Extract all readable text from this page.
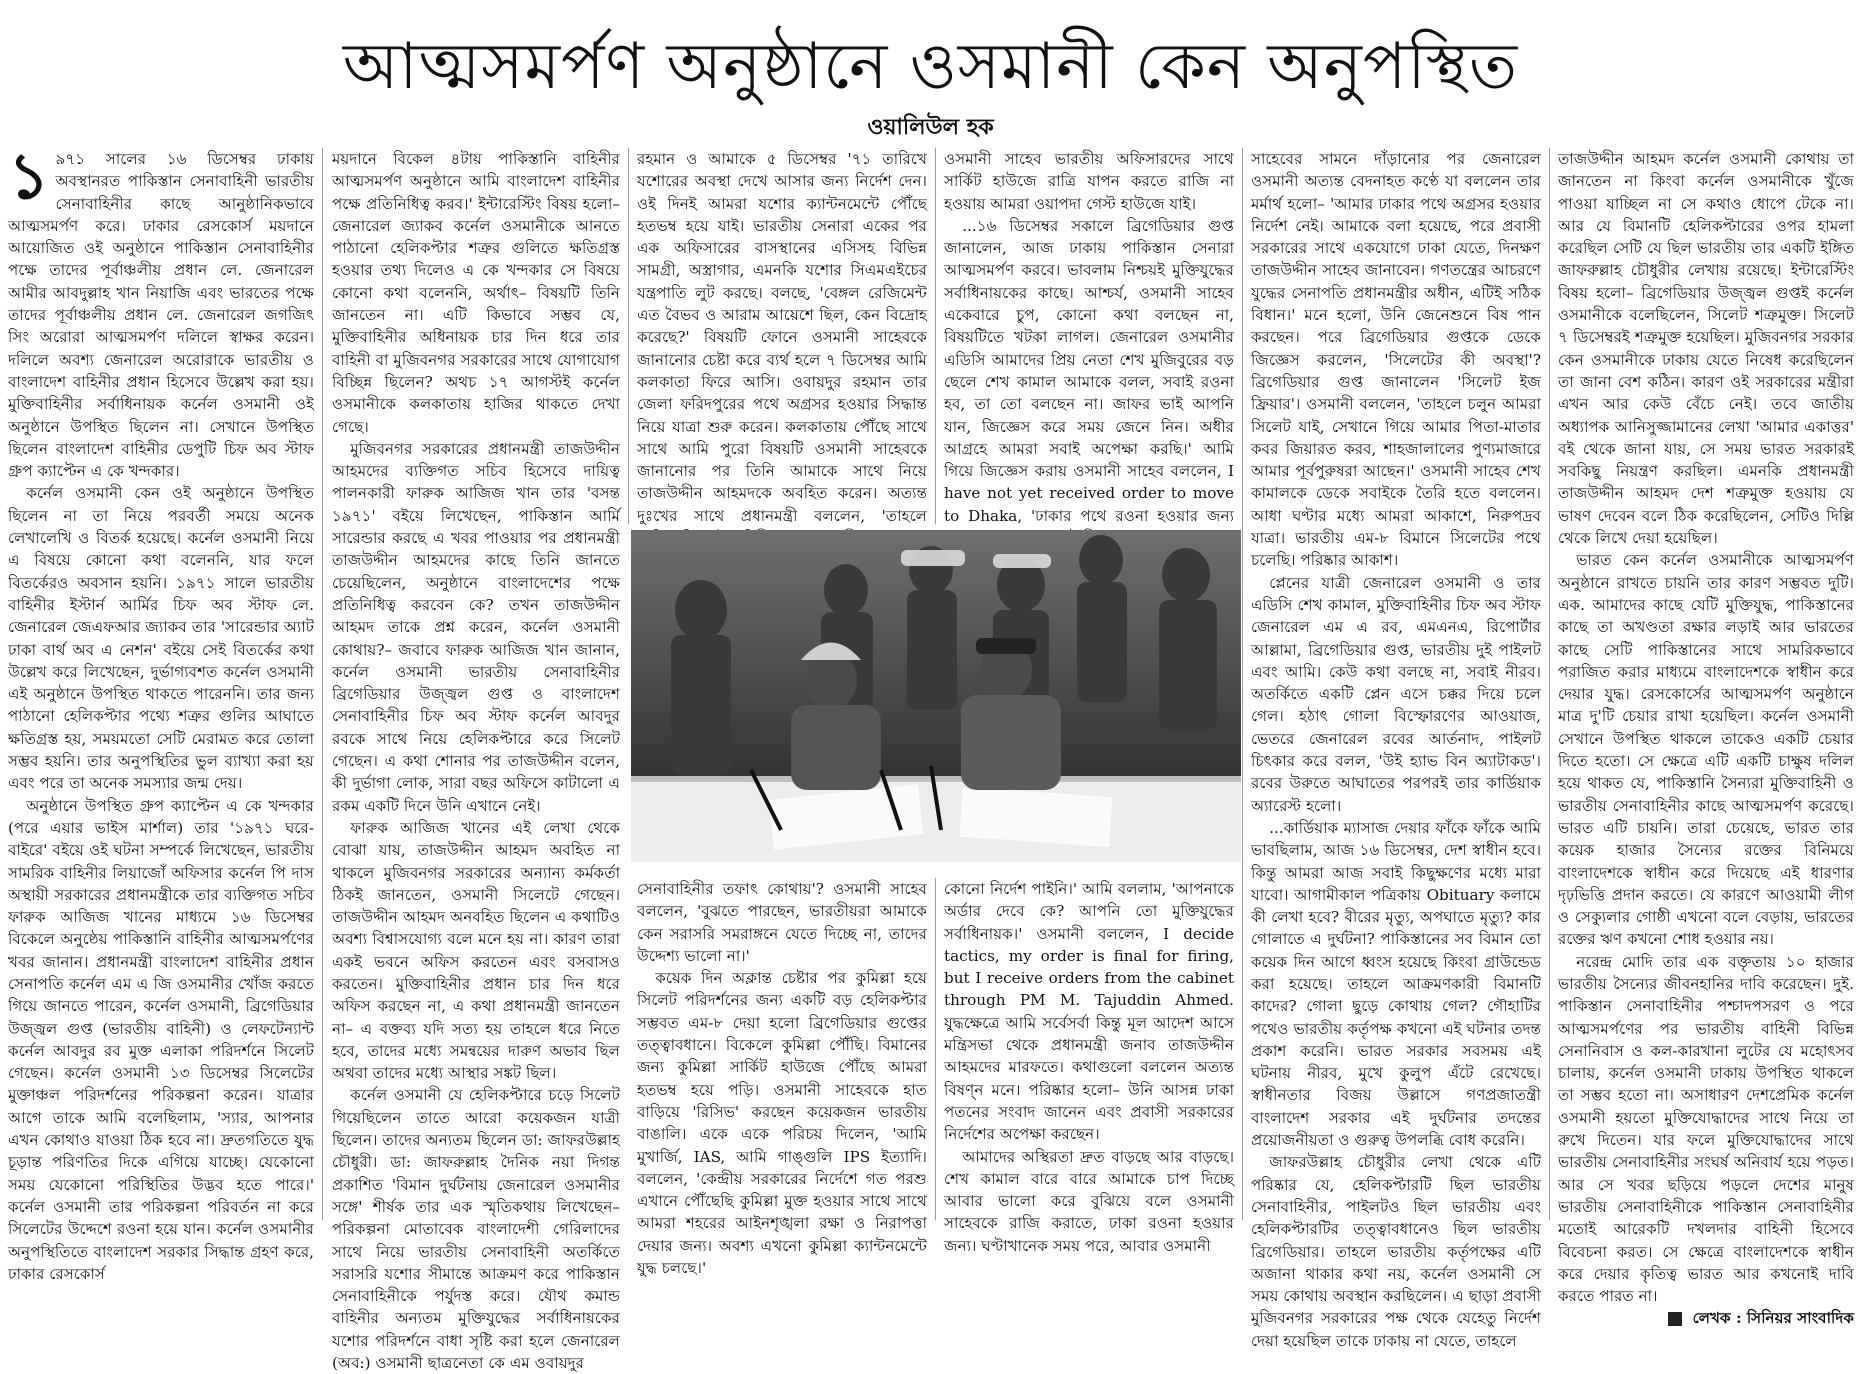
আত্মসমর্পণ অনুষ্ঠানে ওসমানী কেন অনুপস্থিত
ওয়ালিউল হক

১ ৯৭১ সালের ১৬ ডিসেম্বর ঢাকায় অবস্থানরত পাকিস্তান সেনাবাহিনী ভারতীয় সেনাবাহিনীর কাছে আনুষ্ঠানিকভাবে আত্মসমর্পণ করে। ঢাকার রেসকোর্স ময়দানে আয়োজিত ওই অনুষ্ঠানে পাকিস্তান সেনাবাহিনীর পক্ষে তাদের পূর্বাঞ্চলীয় প্রধান লে. জেনারেল আমীর আবদুল্লাহ খান নিয়াজি এবং ভারতের পক্ষে তাদের পূর্বাঞ্চলীয় প্রধান লে. জেনারেল জগজিৎ সিং অরোরা আত্মসমর্পণ দলিলে স্বাক্ষর করেন। দলিলে অবশ্য জেনারেল অরোরাকে ভারতীয় ও বাংলাদেশ বাহিনীর প্রধান হিসেবে উল্লেখ করা হয়। মুক্তিবাহিনীর সর্বাধিনায়ক কর্নেল ওসমানী ওই অনুষ্ঠানে উপস্থিত ছিলেন না। সেখানে উপস্থিত ছিলেন বাংলাদেশ বাহিনীর ডেপুটি চিফ অব স্টাফ গ্রুপ ক্যাপ্টেন এ কে খন্দকার।

কর্নেল ওসমানী কেন ওই অনুষ্ঠানে উপস্থিত ছিলেন না তা নিয়ে পরবর্তী সময়ে অনেক লেখালেখি ও বিতর্ক হয়েছে। কর্নেল ওসমানী নিয়ে এ বিষয়ে কোনো কথা বলেননি, যার ফলে বিতর্কেরও অবসান হয়নি। ১৯৭১ সালে ভারতীয় বাহিনীর ইস্টার্ন আর্মির চিফ অব স্টাফ লে. জেনারেল জেএফআর জ্যাকব তার 'সারেন্ডার অ্যাট ঢাকা বার্থ অব এ নেশন' বইয়ে সেই বিতর্কের কথা উল্লেখ করে লিখেছেন, দুর্ভাগ্যবশত কর্নেল ওসমানী এই অনুষ্ঠানে উপস্থিত থাকতে পারেননি। তার জন্য পাঠানো হেলিকপ্টার পথ্যে শত্রুর গুলির আঘাতে ক্ষতিগ্রস্ত হয়, সময়মতো সেটি মেরামত করে তোলা সম্ভব হয়নি। তার অনুপস্থিতির ভুল ব্যাখ্যা করা হয় এবং পরে তা অনেক সমস্যার জন্ম দেয়।

অনুষ্ঠানে উপস্থিত গ্রুপ ক্যাপ্টেন এ কে খন্দকার (পরে এয়ার ভাইস মার্শাল) তার '১৯৭১ ঘরে-বাইরে' বইয়ে ওই ঘটনা সম্পর্কে লিখেছেন, ভারতীয় সামরিক বাহিনীর লিয়াজোঁ অফিসার কর্নেল পি দাস অস্থায়ী সরকারের প্রধানমন্ত্রীকে তার ব্যক্তিগত সচিব ফারুক আজিজ খানের মাধ্যমে ১৬ ডিসেম্বর বিকেলে অনুষ্ঠেয় পাকিস্তানি বাহিনীর আত্মসমর্পণের খবর জানান। প্রধানমন্ত্রী বাংলাদেশ বাহিনীর প্রধান সেনাপতি কর্নেল এম এ জি ওসমানীর খোঁজ করতে গিয়ে জানতে পারেন, কর্নেল ওসমানী, ব্রিগেডিয়ার উজ্জ্বল গুপ্ত (ভারতীয় বাহিনী) ও লেফটেন্যান্ট কর্নেল আবদুর রব মুক্ত এলাকা পরিদর্শনে সিলেট গেছেন। কর্নেল ওসমানী ১৩ ডিসেম্বর সিলেটের মুক্তাঞ্চল পরিদর্শনের পরিকল্পনা করেন। যাত্রার আগে তাকে আমি বলেছিলাম, 'স্যার, আপনার এখন কোথাও যাওয়া ঠিক হবে না। দ্রুতগতিতে যুদ্ধ চূড়ান্ত পরিণতির দিকে এগিয়ে যাচ্ছে। যেকোনো সময় যেকোনো পরিস্থিতির উদ্ভব হতে পারে।' কর্নেল ওসমানী তার পরিকল্পনা পরিবর্তন না করে সিলেটের উদ্দেশে রওনা হয়ে যান। কর্নেল ওসমানীর অনুপস্থিতিতে বাংলাদেশ সরকার সিদ্ধান্ত গ্রহণ করে, ঢাকার রেসকোর্স

ময়দানে বিকেল ৪টায় পাকিস্তানি বাহিনীর আত্মসমর্পণ অনুষ্ঠানে আমি বাংলাদেশ বাহিনীর পক্ষে প্রতিনিধিত্ব করব।' ইন্টারেস্টিং বিষয় হলো– জেনারেল জ্যাকব কর্নেল ওসমানীকে আনতে পাঠানো হেলিকপ্টার শত্রুর গুলিতে ক্ষতিগ্রস্ত হওয়ার তথ্য দিলেও এ কে খন্দকার সে বিষয়ে কোনো কথা বলেননি, অর্থাৎ– বিষয়টি তিনি জানতেন না। এটি কিভাবে সম্ভব যে, মুক্তিবাহিনীর অধিনায়ক চার দিন ধরে তার বাহিনী বা মুজিবনগর সরকারের সাথে যোগাযোগ বিচ্ছিন্ন ছিলেন? অথচ ১৭ আগস্টই কর্নেল ওসমানীকে কলকাতায় হাজির থাকতে দেখা গেছে।

মুজিবনগর সরকারের প্রধানমন্ত্রী তাজউদ্দীন আহমদের ব্যক্তিগত সচিব হিসেবে দায়িত্ব পালনকারী ফারুক আজিজ খান তার 'বসন্ত ১৯৭১' বইয়ে লিখেছেন, পাকিস্তান আর্মি সারেন্ডার করছে এ খবর পাওয়ার পর প্রধানমন্ত্রী তাজউদ্দীন আহমদের কাছে তিনি জানতে চেয়েছিলেন, অনুষ্ঠানে বাংলাদেশের পক্ষে প্রতিনিধিত্ব করবেন কে? তখন তাজউদ্দীন আহমদ তাকে প্রশ্ন করেন, কর্নেল ওসমানী কোথায়?– জবাবে ফারুক আজিজ খান জানান, কর্নেল ওসমানী ভারতীয় সেনাবাহিনীর ব্রিগেডিয়ার উজ্জ্বল গুপ্ত ও বাংলাদেশ সেনাবাহিনীর চিফ অব স্টাফ কর্নেল আবদুর রবকে সাথে নিয়ে হেলিকপ্টারে করে সিলেট গেছেন। এ কথা শোনার পর তাজউদ্দীন বলেন, কী দুর্ভাগা লোক, সারা বছর অফিসে কাটালো এ রকম একটি দিনে উনি এখানে নেই।

ফারুক আজিজ খানের এই লেখা থেকে বোঝা যায়, তাজউদ্দীন আহমদ অবহিত না থাকলে মুজিবনগর সরকারের অন্যান্য কর্মকর্তা ঠিকই জানতেন, ওসমানী সিলেটে গেছেন। তাজউদ্দীন আহমদ অনবহিত ছিলেন এ কথাটিও অবশ্য বিশ্বাসযোগ্য বলে মনে হয় না। কারণ তারা একই ভবনে অফিস করতেন এবং বসবাসও করতেন। মুক্তিবাহিনীর প্রধান চার দিন ধরে অফিস করছেন না, এ কথা প্রধানমন্ত্রী জানতেন না– এ বক্তব্য যদি সত্য হয় তাহলে ধরে নিতে হবে, তাদের মধ্যে সমন্বয়ের দারুণ অভাব ছিল অথবা তাদের মধ্যে আস্থার সঙ্কট ছিল।

কর্নেল ওসমানী যে হেলিকপ্টারে চড়ে সিলেট গিয়েছিলেন তাতে আরো কয়েকজন যাত্রী ছিলেন। তাদের অন্যতম ছিলেন ডা: জাফরউল্লাহ চৌধুরী। ডা: জাফরুল্লাহ দৈনিক নয়া দিগন্ত প্রকাশিত 'বিমান দুর্ঘটনায় জেনারেল ওসমানীর সঙ্গে' শীর্ষক তার এক স্মৃতিকথায় লিখেছেন– পরিকল্পনা মোতাবেক বাংলাদেশী গেরিলাদের সাথে নিয়ে ভারতীয় সেনাবাহিনী অতর্কিতে সরাসরি যশোর সীমান্তে আক্রমণ করে পাকিস্তান সেনাবাহিনীকে পর্যুদস্ত করে। যৌথ কমান্ড বাহিনীর অন্যতম মুক্তিযুদ্ধের সর্বাধিনায়কের যশোর পরিদর্শনে বাধা সৃষ্টি করা হলে জেনারেল (অব:) ওসমানী ছাত্রনেতা কে এম ওবায়দুর

রহমান ও আমাকে ৫ ডিসেম্বর '৭১ তারিখে যশোরের অবস্থা দেখে আসার জন্য নির্দেশ দেন। ওই দিনই আমরা যশোর ক্যান্টনমেন্টে পৌঁছে হতভম্ব হয়ে যাই। ভারতীয় সেনারা একের পর এক অফিসারের বাসস্থানের এসিসহ বিভিন্ন সামগ্রী, অস্ত্রাগার, এমনকি যশোর সিএমএইচের যন্ত্রপাতি লুট করছে। বলছে, 'বেঙ্গল রেজিমেন্ট এত বৈভব ও আরাম আয়েশে ছিল, কেন বিদ্রোহ করেছে?' বিষয়টি ফোনে ওসমানী সাহেবকে জানানোর চেষ্টা করে ব্যর্থ হলে ৭ ডিসেম্বর আমি কলকাতা ফিরে আসি। ওবায়দুর রহমান তার জেলা ফরিদপুরের পথে অগ্রসর হওয়ার সিদ্ধান্ত নিয়ে যাত্রা শুরু করেন। কলকাতায় পৌঁছে সাথে সাথে আমি পুরো বিষয়টি ওসমানী সাহেবকে জানানোর পর তিনি আমাকে সাথে নিয়ে তাজউদ্দীন আহমদকে অবহিত করেন। অত্যন্ত দুঃখের সাথে প্রধানমন্ত্রী বললেন, 'তাহলে

ওসমানী সাহেব ভারতীয় অফিসারদের সাথে সার্কিট হাউজে রাত্রি যাপন করতে রাজি না হওয়ায় আমরা ওয়াপদা গেস্ট হাউজে যাই।

...১৬ ডিসেম্বর সকালে ব্রিগেডিয়ার গুপ্ত জানালেন, আজ ঢাকায় পাকিস্তান সেনারা আত্মসমর্পণ করবে। ভাবলাম নিশ্চয়ই মুক্তিযুদ্ধের সর্বাধিনায়কের কাছে। আশ্চর্য, ওসমানী সাহেব একেবারে চুপ, কোনো কথা বলছেন না, বিষয়টিতে খটকা লাগল। জেনারেল ওসমানীর এডিসি আমাদের প্রিয় নেতা শেখ মুজিবুরের বড় ছেলে শেখ কামাল আমাকে বলল, সবাই রওনা হব, তা তো বলছেন না। জাফর ভাই আপনি যান, জিজ্ঞেস করে সময় জেনে নিন। অধীর আগ্রহে আমরা সবাই অপেক্ষা করছি।' আমি গিয়ে জিজ্ঞেস করায় ওসমানী সাহেব বললেন, I have not yet received order to move to Dhaka, 'ঢাকার পথে রওনা হওয়ার জন্য

সেনাবাহিনীর তফাৎ কোথায়'? ওসমানী সাহেব বললেন, 'বুঝতে পারছেন, ভারতীয়রা আমাকে কেন সরাসরি সমরাঙ্গনে যেতে দিচ্ছে না, তাদের উদ্দেশ্য ভালো না।'

কয়েক দিন অক্লান্ত চেষ্টার পর কুমিল্লা হয়ে সিলেট পরিদর্শনের জন্য একটি বড় হেলিকপ্টার সম্ভবত এম-৮ দেয়া হলো ব্রিগেডিয়ার গুপ্তের তত্ত্বাবধানে। বিকেলে কুমিল্লা পৌঁছি। বিমানের জন্য কুমিল্লা সার্কিট হাউজে পৌঁছে আমরা হতভম্ব হয়ে পড়ি। ওসমানী সাহেবকে হাত বাড়িয়ে 'রিসিভ' করছেন কয়েকজন ভারতীয় বাঙালি। একে একে পরিচয় দিলেন, 'আমি মুখার্জি, IAS, আমি গাঙ্গুলি IPS ইত্যাদি। বললেন, 'কেন্দ্রীয় সরকারের নির্দেশে গত পরশু এখানে পৌঁছেছি কুমিল্লা মুক্ত হওয়ার সাথে সাথে আমরা শহরের আইনশৃঙ্খলা রক্ষা ও নিরাপত্তা দেয়ার জন্য। অবশ্য এখনো কুমিল্লা ক্যান্টনমেন্টে যুদ্ধ চলছে।'

কোনো নির্দেশ পাইনি।' আমি বললাম, 'আপনাকে অর্ডার দেবে কে? আপনি তো মুক্তিযুদ্ধের সর্বাধিনায়ক।' ওসমানী বললেন, I decide tactics, my order is final for firing, but I receive orders from the cabinet through PM M. Tajuddin Ahmed. যুদ্ধক্ষেত্রে আমি সর্বেসর্বা কিন্তু মূল আদেশ আসে মন্ত্রিসভা থেকে প্রধানমন্ত্রী জনাব তাজউদ্দীন আহমদের মারফতে। কথাগুলো বললেন অত্যন্ত বিষণ্ন মনে। পরিষ্কার হলো– উনি আসন্ন ঢাকা পতনের সংবাদ জানেন এবং প্রবাসী সরকারের নির্দেশের অপেক্ষা করছেন।

আমাদের অস্থিরতা দ্রুত বাড়ছে আর বাড়ছে। শেখ কামাল বারে বারে আমাকে চাপ দিচ্ছে আবার ভালো করে বুঝিয়ে বলে ওসমানী সাহেবকে রাজি করাতে, ঢাকা রওনা হওয়ার জন্য। ঘণ্টাখানেক সময় পরে, আবার ওসমানী

সাহেবের সামনে দাঁড়ানোর পর জেনারেল ওসমানী অত্যন্ত বেদনাহত কণ্ঠে যা বললেন তার মর্মার্থ হলো– 'আমার ঢাকার পথে অগ্রসর হওয়ার নির্দেশ নেই। আমাকে বলা হয়েছে, পরে প্রবাসী সরকারের সাথে একযোগে ঢাকা যেতে, দিনক্ষণ তাজউদ্দীন সাহেব জানাবেন। গণতন্ত্রের আচরণে যুদ্ধের সেনাপতি প্রধানমন্ত্রীর অধীন, এটিই সঠিক বিধান।' মনে হলো, উনি জেনেশুনে বিষ পান করছেন। পরে ব্রিগেডিয়ার গুপ্তকে ডেকে জিজ্ঞেস করলেন, 'সিলেটের কী অবস্থা'? ব্রিগেডিয়ার গুপ্ত জানালেন 'সিলেট ইজ ফ্রিয়ার'। ওসমানী বললেন, 'তাহলে চলুন আমরা সিলেট যাই, সেখানে গিয়ে আমার পিতা-মাতার কবর জিয়ারত করব, শাহজালালের পুণ্যমাজারে আমার পূর্বপুরুষরা আছেন।' ওসমানী সাহেব শেখ কামালকে ডেকে সবাইকে তৈরি হতে বললেন। আধা ঘণ্টার মধ্যে আমরা আকাশে, নিরুপদ্রব যাত্রা। ভারতীয় এম-৮ বিমানে সিলেটের পথে চলেছি। পরিষ্কার আকাশ।

প্লেনের যাত্রী জেনারেল ওসমানী ও তার এডিসি শেখ কামাল, মুক্তিবাহিনীর চিফ অব স্টাফ জেনারেল এম এ রব, এমএনএ, রিপোর্টার আল্লামা, ব্রিগেডিয়ার গুপ্ত, ভারতীয় দুই পাইলট এবং আমি। কেউ কথা বলছে না, সবাই নীরব। অতর্কিতে একটি প্লেন এসে চক্কর দিয়ে চলে গেল। হঠাৎ গোলা বিস্ফোরণের আওয়াজ, ভেতরে জেনারেল রবের আর্তনাদ, পাইলট চিৎকার করে বলল, 'উই হ্যাভ বিন অ্যাটাকড'। রবের উরুতে আঘাতের পরপরই তার কার্ডিয়াক অ্যারেস্ট হলো।

...কার্ডিয়াক ম্যাসাজ দেয়ার ফাঁকে ফাঁকে আমি ভাবছিলাম, আজ ১৬ ডিসেম্বর, দেশ স্বাধীন হবে। কিন্তু আমরা আজ সবাই কিছুক্ষণের মধ্যে মারা যাবো। আগামীকাল পত্রিকায় Obituary কলামে কী লেখা হবে? বীরের মৃত্যু, অপঘাতে মৃত্যু? কার গোলাতে এ দুর্ঘটনা? পাকিস্তানের সব বিমান তো কয়েক দিন আগে ধ্বংস হয়েছে কিংবা গ্রাউন্ডেড করা হয়েছে। তাহলে আক্রমণকারী বিমানটি কাদের? গোলা ছুড়ে কোথায় গেল? গৌহাটির পথেও ভারতীয় কর্তৃপক্ষ কখনো এই ঘটনার তদন্ত প্রকাশ করেনি। ভারত সরকার সবসময় এই ঘটনায় নীরব, মুখে কুলুপ এঁটে রেখেছে। স্বাধীনতার বিজয় উল্লাসে গণপ্রজাতন্ত্রী বাংলাদেশ সরকার এই দুর্ঘটনার তদন্তের প্রয়োজনীয়তা ও গুরুত্ব উপলব্ধি বোধ করেনি।

জাফরউল্লাহ চৌধুরীর লেখা থেকে এটি পরিষ্কার যে, হেলিকপ্টারটি ছিল ভারতীয় সেনাবাহিনীর, পাইলটও ছিল ভারতীয় এবং হেলিকপ্টারটির তত্ত্বাবধানেও ছিল ভারতীয় ব্রিগেডিয়ার। তাহলে ভারতীয় কর্তৃপক্ষের এটি অজানা থাকার কথা নয়, কর্নেল ওসমানী সে সময় কোথায় অবস্থান করছিলেন। এ ছাড়া প্রবাসী মুজিবনগর সরকারের পক্ষ থেকে যেহেতু নির্দেশ দেয়া হয়েছিল তাকে ঢাকায় না যেতে, তাহলে

তাজউদ্দীন আহমদ কর্নেল ওসমানী কোথায় তা জানতেন না কিংবা কর্নেল ওসমানীকে খুঁজে পাওয়া যাচ্ছিল না সে কথাও ধোপে টেকে না। আর যে বিমানটি হেলিকপ্টারের ওপর হামলা করেছিল সেটি যে ছিল ভারতীয় তার একটি ইঙ্গিত জাফরুল্লাহ চৌধুরীর লেখায় রয়েছে। ইন্টারেস্টিং বিষয় হলো– ব্রিগেডিয়ার উজ্জ্বল গুপ্তই কর্নেল ওসমানীকে বলেছিলেন, সিলেট শত্রুমুক্ত। সিলেট ৭ ডিসেম্বরই শত্রুমুক্ত হয়েছিল। মুজিবনগর সরকার কেন ওসমানীকে ঢাকায় যেতে নিষেধ করেছিলেন তা জানা বেশ কঠিন। কারণ ওই সরকারের মন্ত্রীরা এখন আর কেউ বেঁচে নেই। তবে জাতীয় অধ্যাপক আনিসুজ্জামানের লেখা 'আমার একাত্তর' বই থেকে জানা যায়, সে সময় ভারত সরকারই সবকিছু নিয়ন্ত্রণ করছিল। এমনকি প্রধানমন্ত্রী তাজউদ্দীন আহমদ দেশ শত্রুমুক্ত হওয়ায় যে ভাষণ দেবেন বলে ঠিক করেছিলেন, সেটিও দিল্লি থেকে লিখে দেয়া হয়েছিল।

ভারত কেন কর্নেল ওসমানীকে আত্মসমর্পণ অনুষ্ঠানে রাখতে চায়নি তার কারণ সম্ভবত দুটি। এক. আমাদের কাছে যেটি মুক্তিযুদ্ধ, পাকিস্তানের কাছে তা অখণ্ডতা রক্ষার লড়াই আর ভারতের কাছে সেটি পাকিস্তানের সাথে সামরিকভাবে পরাজিত করার মাধ্যমে বাংলাদেশকে স্বাধীন করে দেয়ার যুদ্ধ। রেসকোর্সের আত্মসমর্পণ অনুষ্ঠানে মাত্র দু'টি চেয়ার রাখা হয়েছিল। কর্নেল ওসমানী সেখানে উপস্থিত থাকলে তাকেও একটি চেয়ার দিতে হতো। সে ক্ষেত্রে এটি একটি চাক্ষুষ দলিল হয়ে থাকত যে, পাকিস্তানি সৈন্যরা মুক্তিবাহিনী ও ভারতীয় সেনাবাহিনীর কাছে আত্মসমর্পণ করেছে। ভারত এটি চায়নি। তারা চেয়েছে, ভারত তার কয়েক হাজার সৈন্যের রক্তের বিনিময়ে বাংলাদেশকে স্বাধীন করে দিয়েছে এই ধারণার দৃঢ়ভিত্তি প্রদান করতে। যে কারণে আওয়ামী লীগ ও সেক্যুলার গোষ্ঠী এখনো বলে বেড়ায়, ভারতের রক্তের ঋণ কখনো শোধ হওয়ার নয়।

নরেন্দ্র মোদি তার এক বক্তৃতায় ১০ হাজার ভারতীয় সৈন্যের জীবনহানির দাবি করেছেন। দুই. পাকিস্তান সেনাবাহিনীর পশ্চাদপসরণ ও পরে আত্মসমর্পণের পর ভারতীয় বাহিনী বিভিন্ন সেনানিবাস ও কল-কারখানা লুটের যে মহোৎসব চালায়, কর্নেল ওসমানী ঢাকায় উপস্থিত থাকলে তা সম্ভব হতো না। অসাধারণ দেশপ্রেমিক কর্নেল ওসমানী হয়তো মুক্তিযোদ্ধাদের সাথে নিয়ে তা রুখে দিতেন। যার ফলে মুক্তিযোদ্ধাদের সাথে ভারতীয় সেনাবাহিনীর সংঘর্ষ অনিবার্য হয়ে পড়ত। আর সে খবর ছড়িয়ে পড়লে দেশের মানুষ ভারতীয় সেনাবাহিনীকে পাকিস্তান সেনাবাহিনীর মতোই আরেকটি দখলদার বাহিনী হিসেবে বিবেচনা করত। সে ক্ষেত্রে বাংলাদেশকে স্বাধীন করে দেয়ার কৃতিত্ব ভারত আর কখনোই দাবি করতে পারত না।

লেখক : সিনিয়র সাংবাদিক
